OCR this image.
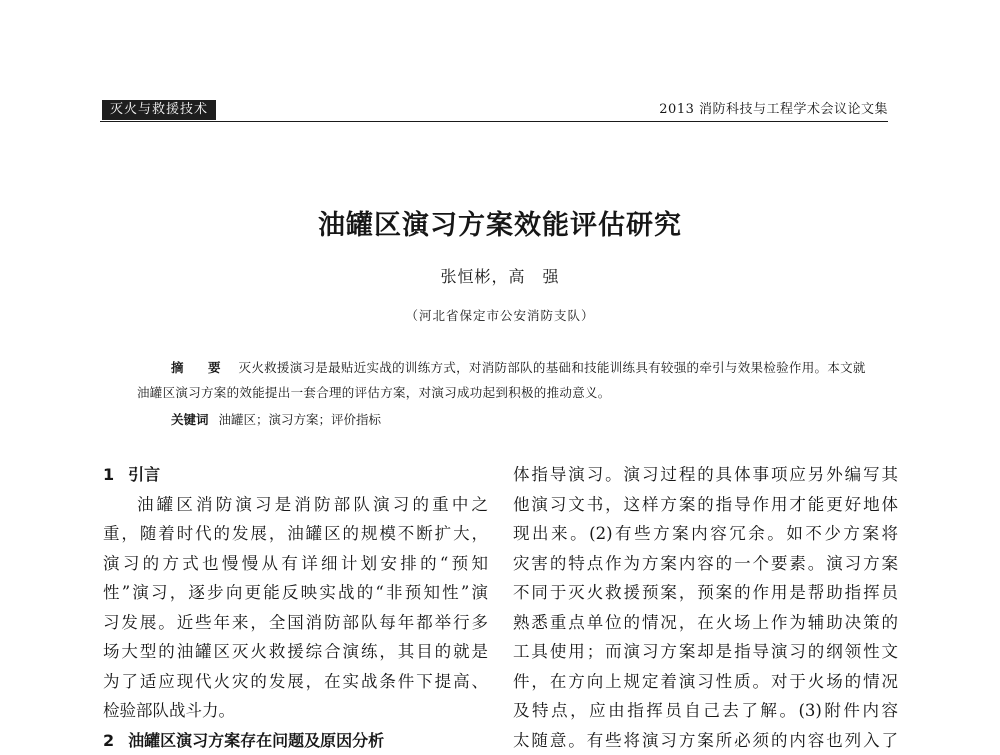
灭火与救援技术	2013 消防科技与工程学术会议论文集
油罐区演习方案效能评估研究
张恒彬，高　强
（河北省保定市公安消防支队）
摘　要 灭火救援演习是最贴近实战的训练方式，对消防部队的基础和技能训练具有较强的牵引与效果检验作用。本文就油罐区演习方案的效能提出一套合理的评估方案，对演习成功起到积极的推动意义。
关键词 油罐区；演习方案；评价指标
1 引言
油罐区消防演习是消防部队演习的重中之
重，随着时代的发展，油罐区的规模不断扩大，
演习的方式也慢慢从有详细计划安排的“预知
性”演习，逐步向更能反映实战的“非预知性”演
习发展。近些年来，全国消防部队每年都举行多
场大型的油罐区灭火救援综合演练，其目的就是
为了适应现代火灾的发展，在实战条件下提高、
检验部队战斗力。
2 油罐区演习方案存在问题及原因分析
体指导演习。演习过程的具体事项应另外编写其
他演习文书，这样方案的指导作用才能更好地体
现出来。(2)有些方案内容冗余。如不少方案将
灾害的特点作为方案内容的一个要素。演习方案
不同于灭火救援预案，预案的作用是帮助指挥员
熟悉重点单位的情况，在火场上作为辅助决策的
工具使用；而演习方案却是指导演习的纲领性文
件，在方向上规定着演习性质。对于火场的情况
及特点，应由指挥员自己去了解。(3)附件内容
太随意。有些将演习方案所必须的内容也列入了
